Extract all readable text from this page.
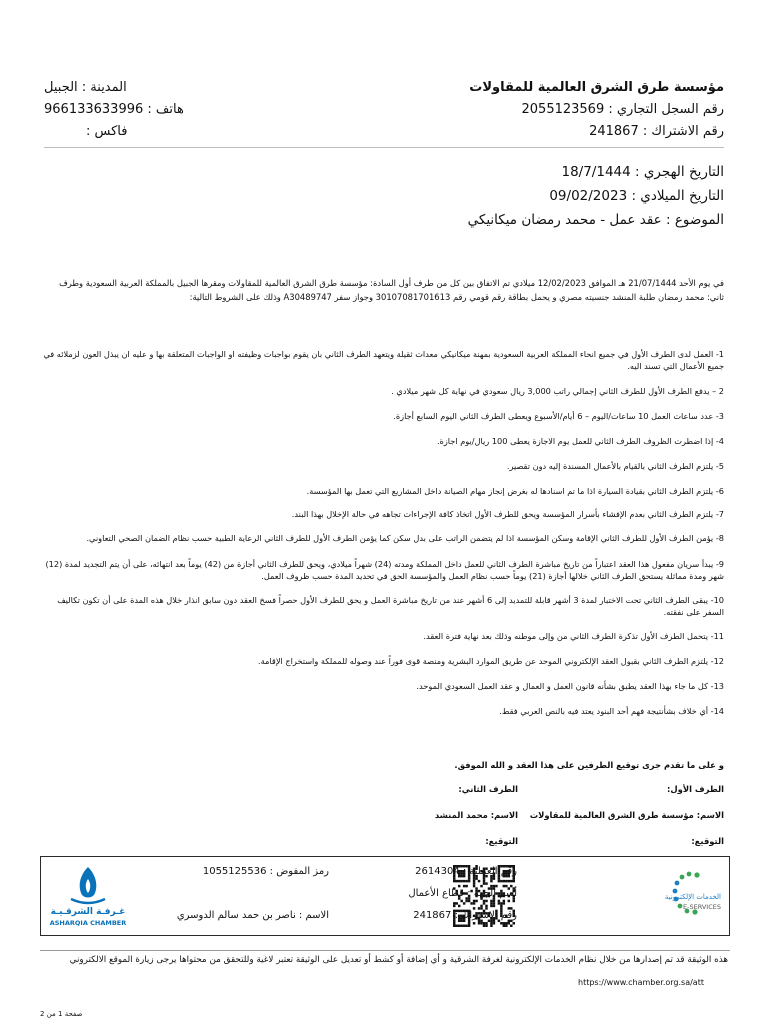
مؤسسة طرق الشرق العالمية للمقاولات
رقم السجل التجاري : 2055123569
رقم الاشتراك : 241867
المدينة : الجبيل
هاتف : 966133633996
فاكس :
التاريخ الهجري : 18/7/1444
التاريخ الميلادي : 09/02/2023
الموضوع : عقد عمل - محمد رمضان ميكانيكي
في يوم الأحد 21/07/1444 هـ الموافق 12/02/2023 ميلادي تم الاتفاق بين كل من طرف أول السادة: مؤسسة طرق الشرق العالمية للمقاولات ومقرها الجبيل بالمملكة العربية السعودية وطرف ثاني: محمد رمضان طلبة المنشد جنسيته مصري و يحمل بطاقة رقم قومي رقم 30107081701613 وجواز سفر A30489747 وذلك على الشروط التالية:
1- العمل لدى الطرف الأول في جميع انحاء المملكة العربية السعودية بمهنة ميكانيكي معدات ثقيلة ويتعهد الطرف الثاني بان يقوم بواجبات وظيفته او الواجبات المتعلقة بها و عليه ان يبذل العون لزملائه في جميع الأعمال التي تسند اليه.
2 – يدفع الطرف الأول للطرف الثاني إجمالي راتب 3,000 ريال سعودي في نهاية كل شهر ميلادي .
3- عدد ساعات العمل 10 ساعات/اليوم – 6 أيام/الأسبوع ويعطى الطرف الثاني اليوم السابع أجازة.
4- إذا اضطرت الظروف الطرف الثاني للعمل يوم الاجازة يعطى 100 ريال/يوم اجازة.
5- يلتزم الطرف الثاني بالقيام بالأعمال المسندة إليه دون تقصير.
6- يلتزم الطرف الثاني بقيادة السيارة اذا ما تم اسنادها له بغرض إنجاز مهام الصيانة داخل المشاريع التي تعمل بها المؤسسة.
7- يلتزم الطرف الثاني بعدم الإفشاء بأسرار المؤسسة ويحق للطرف الأول اتخاذ كافة الإجراءات تجاهه في حالة الإخلال بهذا البند.
8- يؤمن الطرف الأول للطرف الثاني الإقامة وسكن المؤسسة اذا لم يتضمن الراتب على بدل سكن كما يؤمن الطرف الأول للطرف الثاني الرعاية الطبية حسب نظام الضمان الصحي التعاوني.
9- يبدأ سريان مفعول هذا العقد اعتباراً من تاريخ مباشرة الطرف الثاني للعمل داخل المملكة ومدته (24) شهراً ميلادي، ويحق للطرف الثاني أجازة من (42) يوماً بعد انتهائه، على أن يتم التجديد لمدة (12) شهر ومدة مماثلة يستحق الطرف الثاني خلالها أجازة (21) يوماً حسب نظام العمل والمؤسسة الحق في تحديد المدة حسب ظروف العمل.
10- يبقى الطرف الثاني تحت الاختبار لمدة 3 أشهر قابلة للتمديد إلى 6 أشهر عند من تاريخ مباشرة العمل و يحق للطرف الأول حصراً فسخ العقد دون سابق انذار خلال هذه المدة على أن تكون تكاليف السفر على نفقته.
11- يتحمل الطرف الأول تذكرة الطرف الثاني من وإلى موطنه وذلك بعد نهاية فترة العقد.
12- يلتزم الطرف الثاني بقبول العقد الإلكتروني الموحد عن طريق الموارد البشرية ومنصة قوى فوراً عند وصوله للمملكة واستخراج الإقامة.
13- كل ما جاء بهذا العقد يطبق بشأنه قانون العمل و العمال و عقد العمل السعودي الموحد.
14- أي خلاف بشأنتيجة فهم أحد البنود يعتد فيه بالنص العربي فقط.
و على ما تقدم جرى توقيع الطرفين على هذا العقد و الله الموفق.
الطرف الأول:
الطرف الثاني:
الاسم: مؤسسة طرق الشرق العالمية للمقاولات
الاسم: محمد المنشد
التوقيع:
التوقيع:
الخدمات الإلكترونية
E-SERVICES
رقم العملية : 2614304
أسم الجهة : قطاع الأعمال
رقم الاشتراك : 241867
رمز المفوض : 1055125536
الاسم : ناصر بن حمد سالم الدوسري
غـرفـة الشرقـيـة
ASHARQIA CHAMBER
هذه الوثيقة قد تم إصدارها من خلال نظام الخدمات الإلكترونية لغرفة الشرقية و أي إضافة أو كشط أو تعديل على الوثيقة تعتبر لاغية وللتحقق من محتواها يرجى زيارة الموقع الالكتروني
https://www.chamber.org.sa/att
صفحة 1 من 2
